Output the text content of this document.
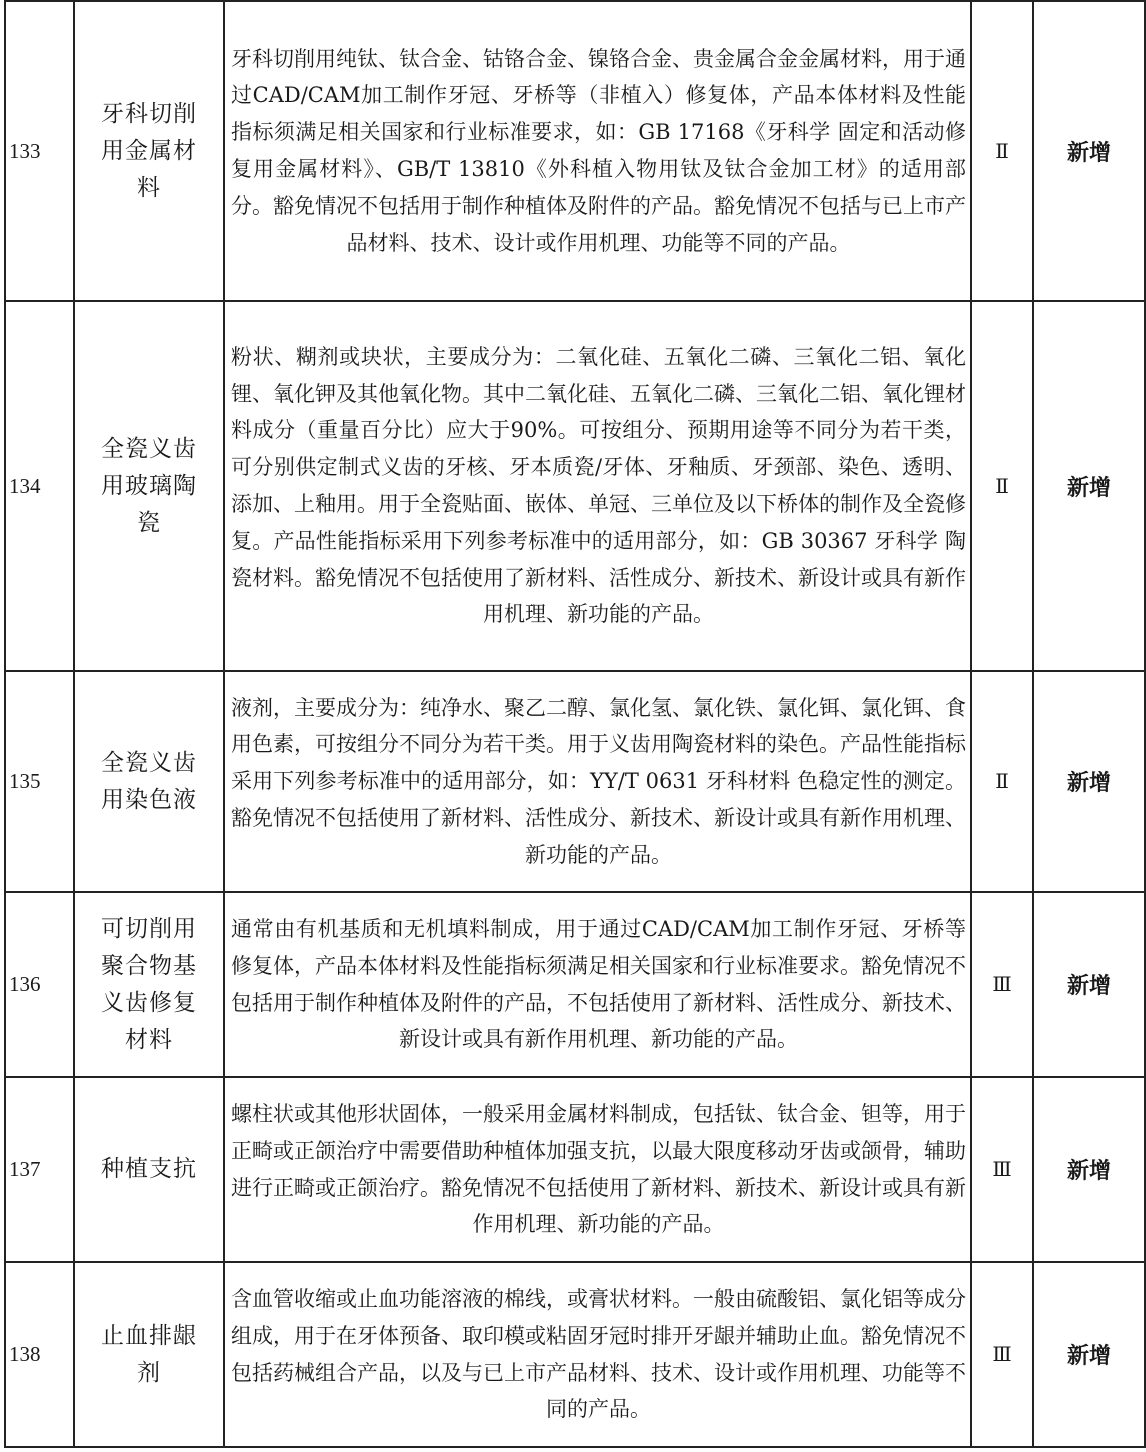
133	牙科切削用金属材料	牙科切削用纯钛、钛合金、钴铬合金、镍铬合金、贵金属合金金属材料，用于通过CAD/CAM加工制作牙冠、牙桥等（非植入）修复体，产品本体材料及性能指标须满足相关国家和行业标准要求，如：GB 17168《牙科学 固定和活动修复用金属材料》、GB/T 13810《外科植入物用钛及钛合金加工材》的适用部分。豁免情况不包括用于制作种植体及附件的产品。豁免情况不包括与已上市产品材料、技术、设计或作用机理、功能等不同的产品。	Ⅱ	新增
134	全瓷义齿用玻璃陶瓷	粉状、糊剂或块状，主要成分为：二氧化硅、五氧化二磷、三氧化二铝、氧化锂、氧化钾及其他氧化物。其中二氧化硅、五氧化二磷、三氧化二铝、氧化锂材料成分（重量百分比）应大于90%。可按组分、预期用途等不同分为若干类，可分别供定制式义齿的牙核、牙本质瓷/牙体、牙釉质、牙颈部、染色、透明、添加、上釉用。用于全瓷贴面、嵌体、单冠、三单位及以下桥体的制作及全瓷修复。产品性能指标采用下列参考标准中的适用部分，如：GB 30367 牙科学 陶瓷材料。豁免情况不包括使用了新材料、活性成分、新技术、新设计或具有新作用机理、新功能的产品。	Ⅱ	新增
135	全瓷义齿用染色液	液剂，主要成分为：纯净水、聚乙二醇、氯化氢、氯化铁、氯化铒、氯化铒、食用色素，可按组分不同分为若干类。用于义齿用陶瓷材料的染色。产品性能指标采用下列参考标准中的适用部分，如：YY/T 0631 牙科材料 色稳定性的测定。豁免情况不包括使用了新材料、活性成分、新技术、新设计或具有新作用机理、新功能的产品。	Ⅱ	新增
136	可切削用聚合物基义齿修复材料	通常由有机基质和无机填料制成，用于通过CAD/CAM加工制作牙冠、牙桥等修复体，产品本体材料及性能指标须满足相关国家和行业标准要求。豁免情况不包括用于制作种植体及附件的产品，不包括使用了新材料、活性成分、新技术、新设计或具有新作用机理、新功能的产品。	Ⅲ	新增
137	种植支抗	螺柱状或其他形状固体，一般采用金属材料制成，包括钛、钛合金、钽等，用于正畸或正颌治疗中需要借助种植体加强支抗，以最大限度移动牙齿或颌骨，辅助进行正畸或正颌治疗。豁免情况不包括使用了新材料、新技术、新设计或具有新作用机理、新功能的产品。	Ⅲ	新增
138	止血排龈剂	含血管收缩或止血功能溶液的棉线，或膏状材料。一般由硫酸铝、氯化铝等成分组成，用于在牙体预备、取印模或粘固牙冠时排开牙龈并辅助止血。豁免情况不包括药械组合产品，以及与已上市产品材料、技术、设计或作用机理、功能等不同的产品。	Ⅲ	新增
